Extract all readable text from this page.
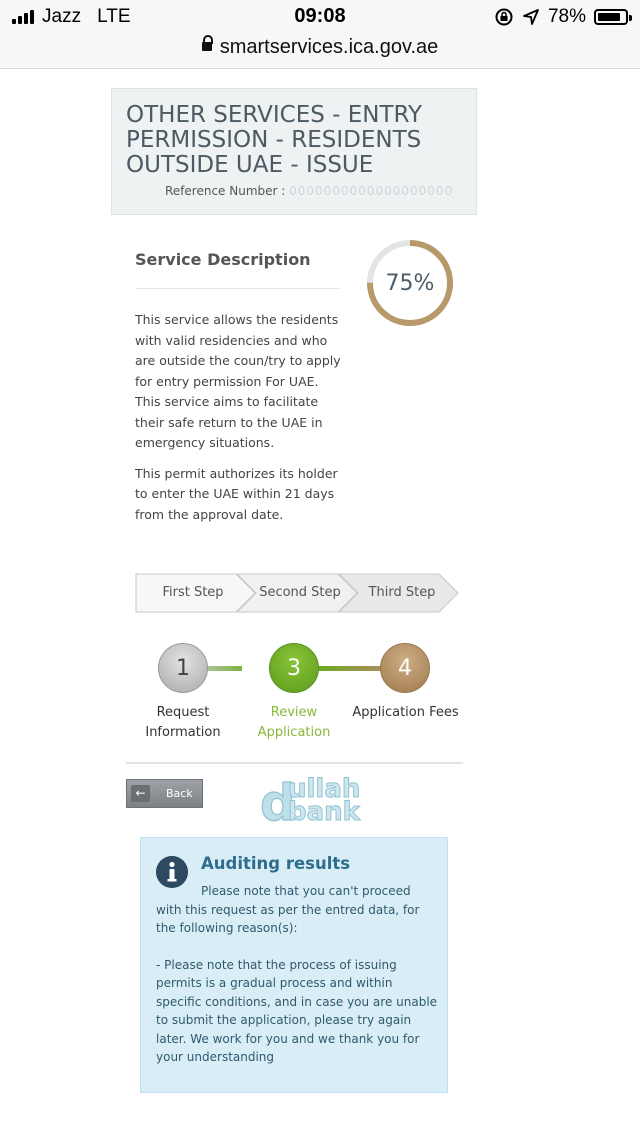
Jazz LTE	09:08	78%
smartservices.ica.gov.ae
OTHER SERVICES - ENTRY PERMISSION - RESIDENTS OUTSIDE UAE - ISSUE
Reference Number : 0000000000000000000
Service Description

This service allows the residents with valid residencies and who are outside the coun/try to apply for entry permission For UAE. This service aims to facilitate their safe return to the UAE in emergency situations.

This permit authorizes its holder to enter the UAE within 21 days from the approval date.

75%
First Step	Second Step	Third Step
1	3	4
Request Information
Review Application
Application Fees
←	Back d
ullah
bank
Auditing results

Please note that you can't proceed with this request as per the entred data, for the following reason(s):

- Please note that the process of issuing permits is a gradual process and within specific conditions, and in case you are unable to submit the application, please try again later. We work for you and we thank you for your understanding
